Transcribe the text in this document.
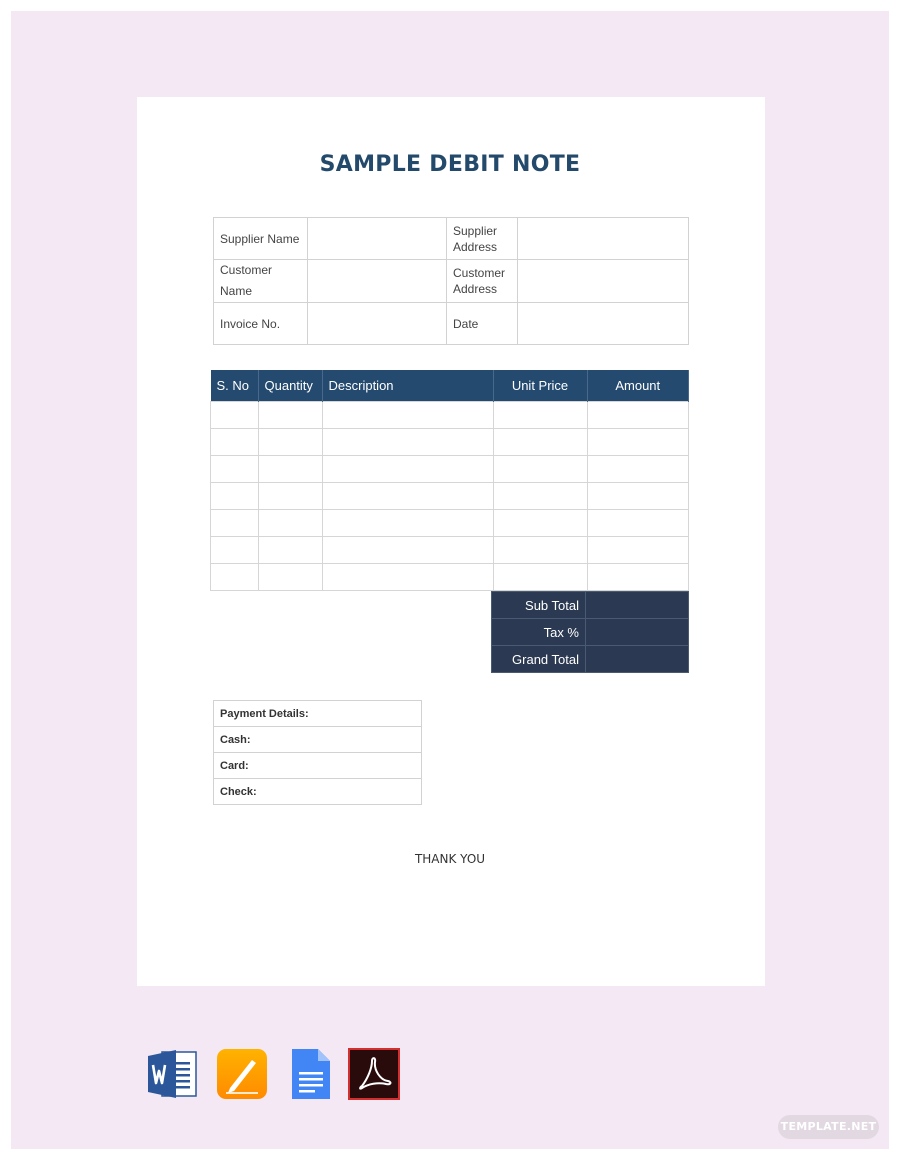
SAMPLE DEBIT NOTE
Supplier Name		Supplier Address	
Customer Name		Customer Address	
Invoice No.		Date	
S. No	Quantity	Description	Unit Price	Amount

Sub Total	
Tax %	
Grand Total	
Payment Details:
Cash:
Card:
Check:
THANK YOU
TEMPLATE.NET
